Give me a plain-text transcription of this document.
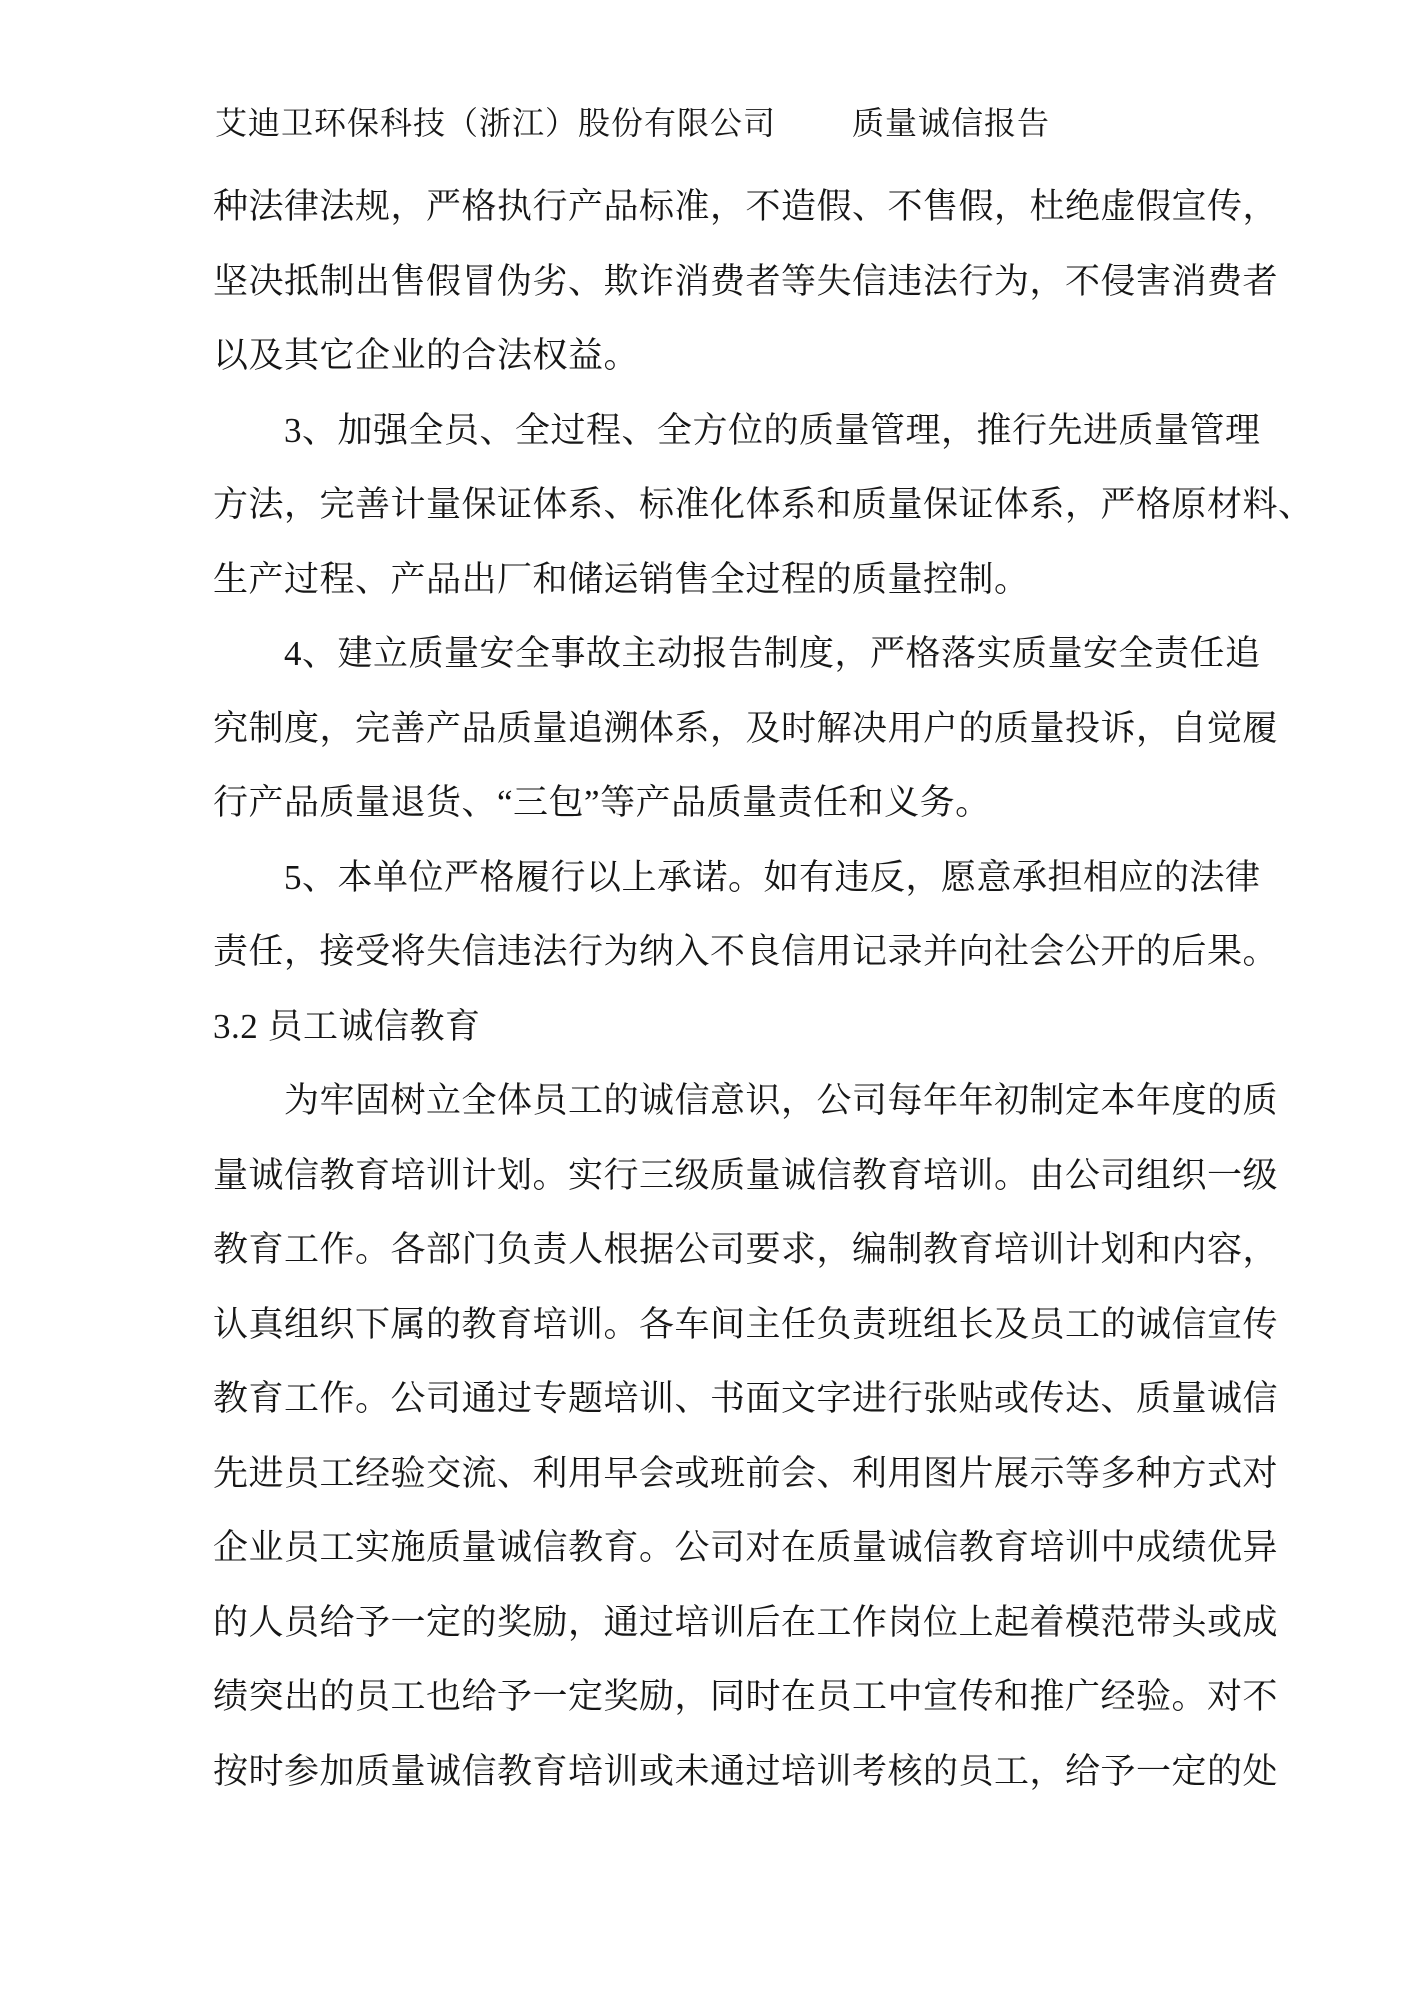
艾迪卫环保科技（浙江）股份有限公司 质量诚信报告
种法律法规，严格执行产品标准，不造假、不售假，杜绝虚假宣传，
坚决抵制出售假冒伪劣、欺诈消费者等失信违法行为，不侵害消费者
以及其它企业的合法权益。
3、加强全员、全过程、全方位的质量管理，推行先进质量管理
方法，完善计量保证体系、标准化体系和质量保证体系，严格原材料、
生产过程、产品出厂和储运销售全过程的质量控制。
4、建立质量安全事故主动报告制度，严格落实质量安全责任追
究制度，完善产品质量追溯体系，及时解决用户的质量投诉，自觉履
行产品质量退货、“三包”等产品质量责任和义务。
5、本单位严格履行以上承诺。如有违反，愿意承担相应的法律
责任，接受将失信违法行为纳入不良信用记录并向社会公开的后果。
3.2 员工诚信教育
为牢固树立全体员工的诚信意识，公司每年年初制定本年度的质
量诚信教育培训计划。实行三级质量诚信教育培训。由公司组织一级
教育工作。各部门负责人根据公司要求，编制教育培训计划和内容，
认真组织下属的教育培训。各车间主任负责班组长及员工的诚信宣传
教育工作。公司通过专题培训、书面文字进行张贴或传达、质量诚信
先进员工经验交流、利用早会或班前会、利用图片展示等多种方式对
企业员工实施质量诚信教育。公司对在质量诚信教育培训中成绩优异
的人员给予一定的奖励，通过培训后在工作岗位上起着模范带头或成
绩突出的员工也给予一定奖励，同时在员工中宣传和推广经验。对不
按时参加质量诚信教育培训或未通过培训考核的员工，给予一定的处
